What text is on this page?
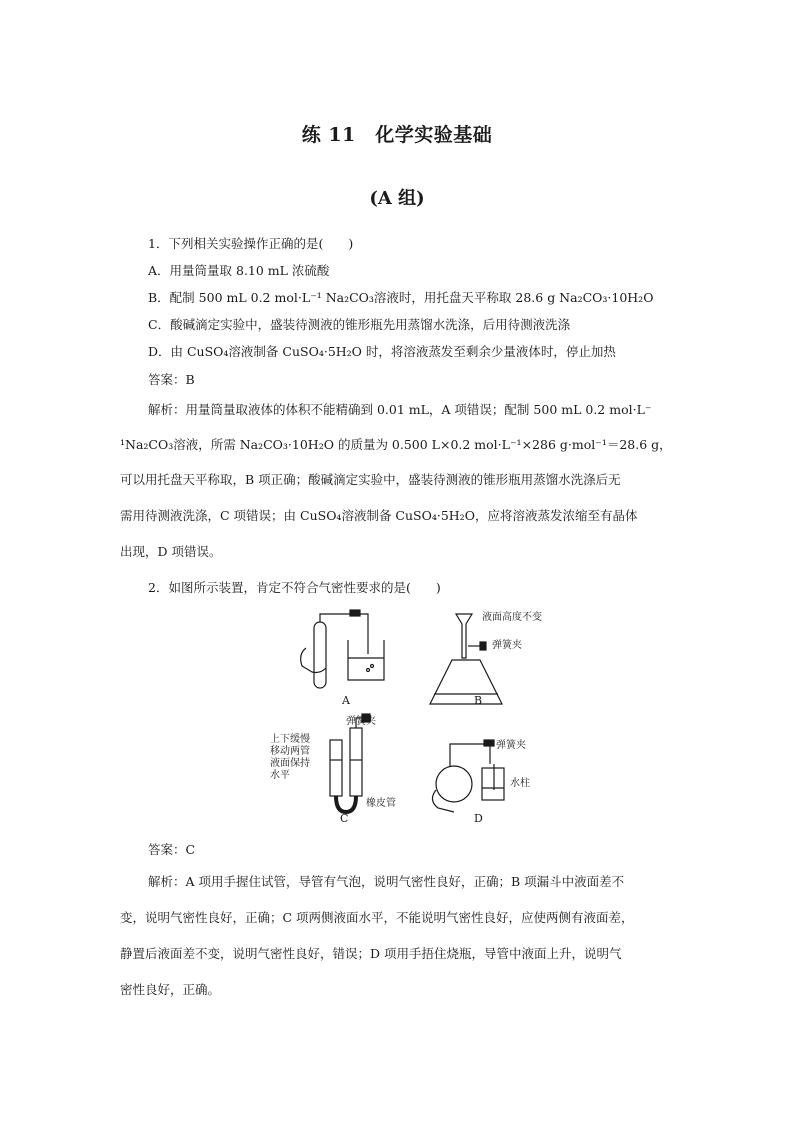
练 11　化学实验基础
(A 组)
1．下列相关实验操作正确的是(　　)
A．用量筒量取 8.10 mL 浓硫酸
B．配制 500 mL 0.2 mol·L⁻¹ Na₂CO₃溶液时，用托盘天平称取 28.6 g Na₂CO₃·10H₂O
C．酸碱滴定实验中，盛装待测液的锥形瓶先用蒸馏水洗涤，后用待测液洗涤
D．由 CuSO₄溶液制备 CuSO₄·5H₂O 时，将溶液蒸发至剩余少量液体时，停止加热
答案：B
解析：用量筒量取液体的体积不能精确到 0.01 mL，A 项错误；配制 500 mL 0.2 mol·L⁻
¹Na₂CO₃溶液，所需 Na₂CO₃·10H₂O 的质量为 0.500 L×0.2 mol·L⁻¹×286 g·mol⁻¹＝28.6 g，
可以用托盘天平称取，B 项正确；酸碱滴定实验中，盛装待测液的锥形瓶用蒸馏水洗涤后无
需用待测液洗涤，C 项错误；由 CuSO₄溶液制备 CuSO₄·5H₂O，应将溶液蒸发浓缩至有晶体
出现，D 项错误。
2．如图所示装置，肯定不符合气密性要求的是(　　)
液面高度不变
弹簧夹
弹簧夹
上下缓慢
移动两管
液面保持
水平
橡皮管
弹簧夹
水柱
A	B
C	D
答案：C
解析：A 项用手握住试管，导管有气泡，说明气密性良好，正确；B 项漏斗中液面差不
变，说明气密性良好，正确；C 项两侧液面水平，不能说明气密性良好，应使两侧有液面差，
静置后液面差不变，说明气密性良好，错误；D 项用手捂住烧瓶，导管中液面上升，说明气
密性良好，正确。
